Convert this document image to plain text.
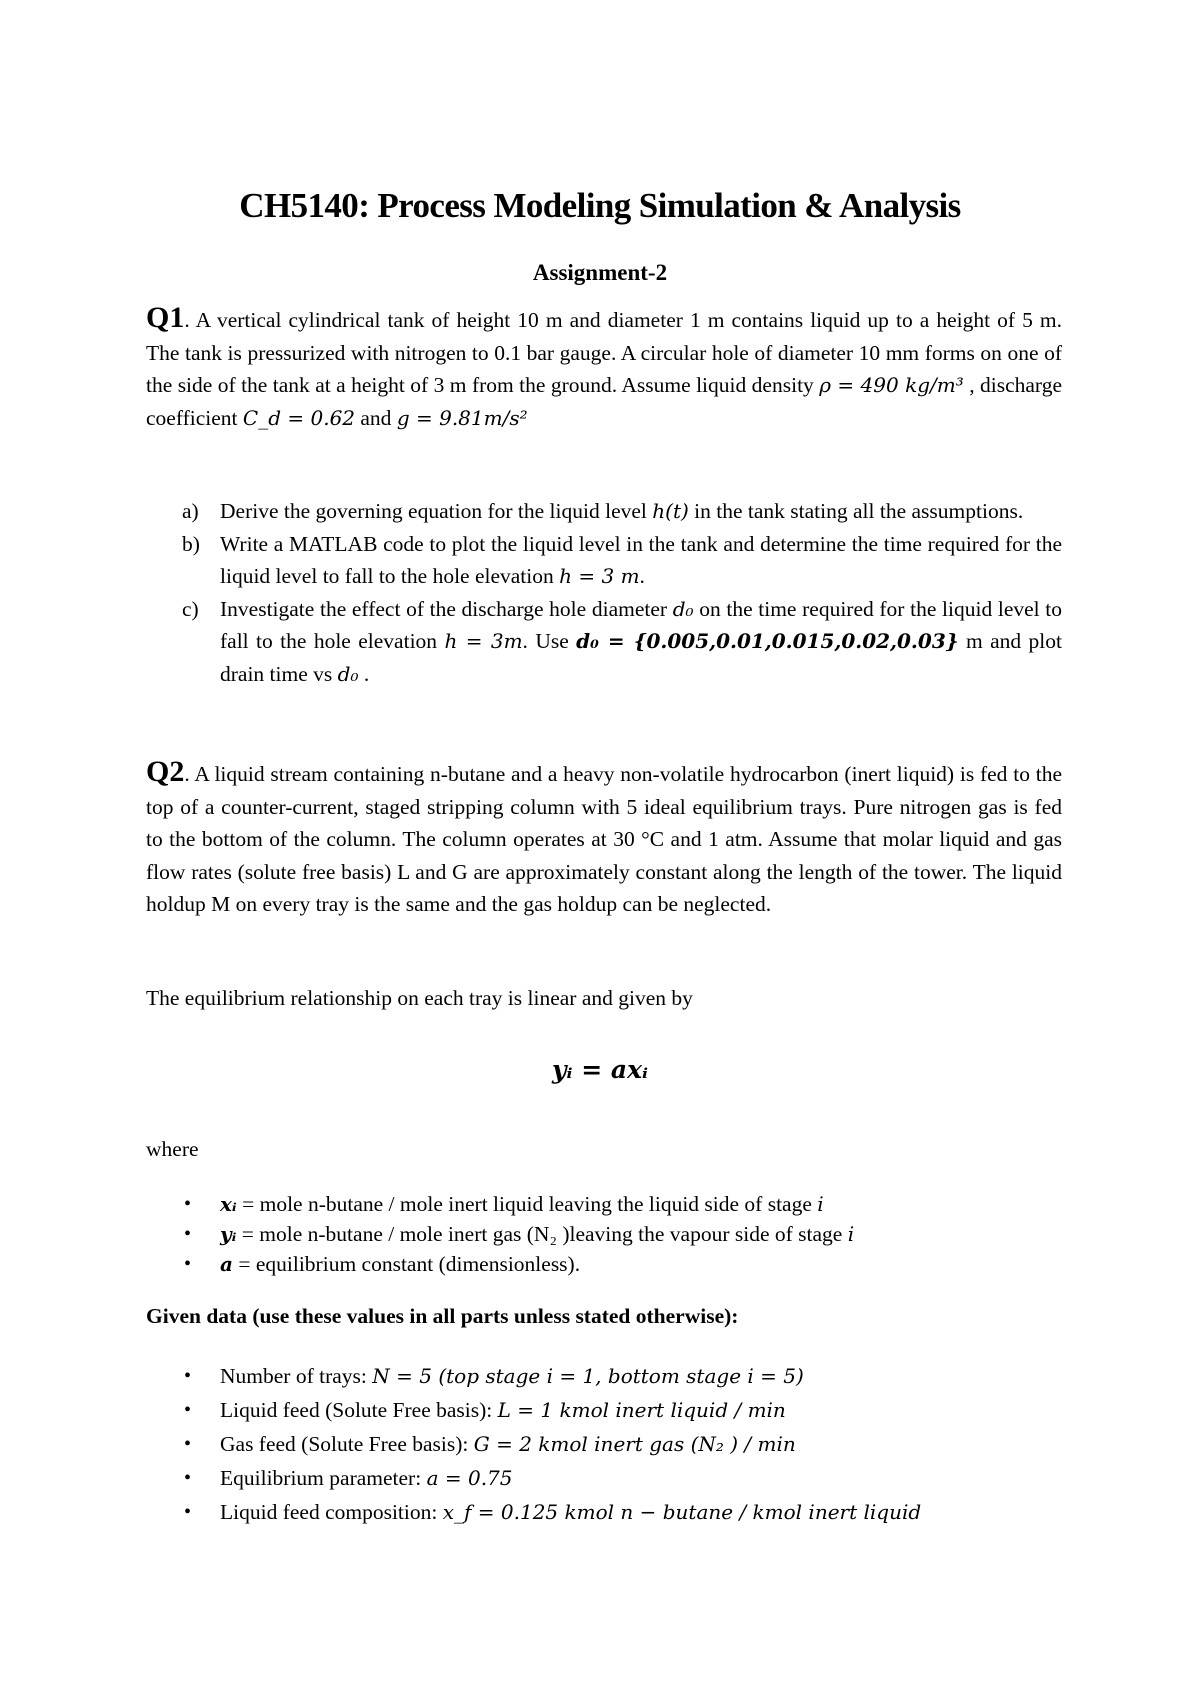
CH5140: Process Modeling Simulation & Analysis
Assignment-2
Q1. A vertical cylindrical tank of height 10 m and diameter 1 m contains liquid up to a height of 5 m. The tank is pressurized with nitrogen to 0.1 bar gauge. A circular hole of diameter 10 mm forms on one of the side of the tank at a height of 3 m from the ground. Assume liquid density ρ = 490 kg/m³ , discharge coefficient C_d = 0.62 and g = 9.81m/s²
a) Derive the governing equation for the liquid level h(t) in the tank stating all the assumptions.
b) Write a MATLAB code to plot the liquid level in the tank and determine the time required for the liquid level to fall to the hole elevation h = 3 m.
c) Investigate the effect of the discharge hole diameter d₀ on the time required for the liquid level to fall to the hole elevation h = 3m. Use d₀ = {0.005,0.01,0.015,0.02,0.03} m and plot drain time vs d₀ .
Q2. A liquid stream containing n-butane and a heavy non-volatile hydrocarbon (inert liquid) is fed to the top of a counter-current, staged stripping column with 5 ideal equilibrium trays. Pure nitrogen gas is fed to the bottom of the column. The column operates at 30 °C and 1 atm. Assume that molar liquid and gas flow rates (solute free basis) L and G are approximately constant along the length of the tower. The liquid holdup M on every tray is the same and the gas holdup can be neglected.
The equilibrium relationship on each tray is linear and given by
yᵢ = axᵢ
where
• xᵢ = mole n-butane / mole inert liquid leaving the liquid side of stage i
• yᵢ = mole n-butane / mole inert gas (N₂ )leaving the vapour side of stage i
• a = equilibrium constant (dimensionless).
Given data (use these values in all parts unless stated otherwise):
• Number of trays: N = 5 (top stage i = 1, bottom stage i = 5)
• Liquid feed (Solute Free basis): L = 1 kmol inert liquid / min
• Gas feed (Solute Free basis): G = 2 kmol inert gas (N₂ ) / min
• Equilibrium parameter: a = 0.75
• Liquid feed composition: x_f = 0.125 kmol n − butane / kmol inert liquid
